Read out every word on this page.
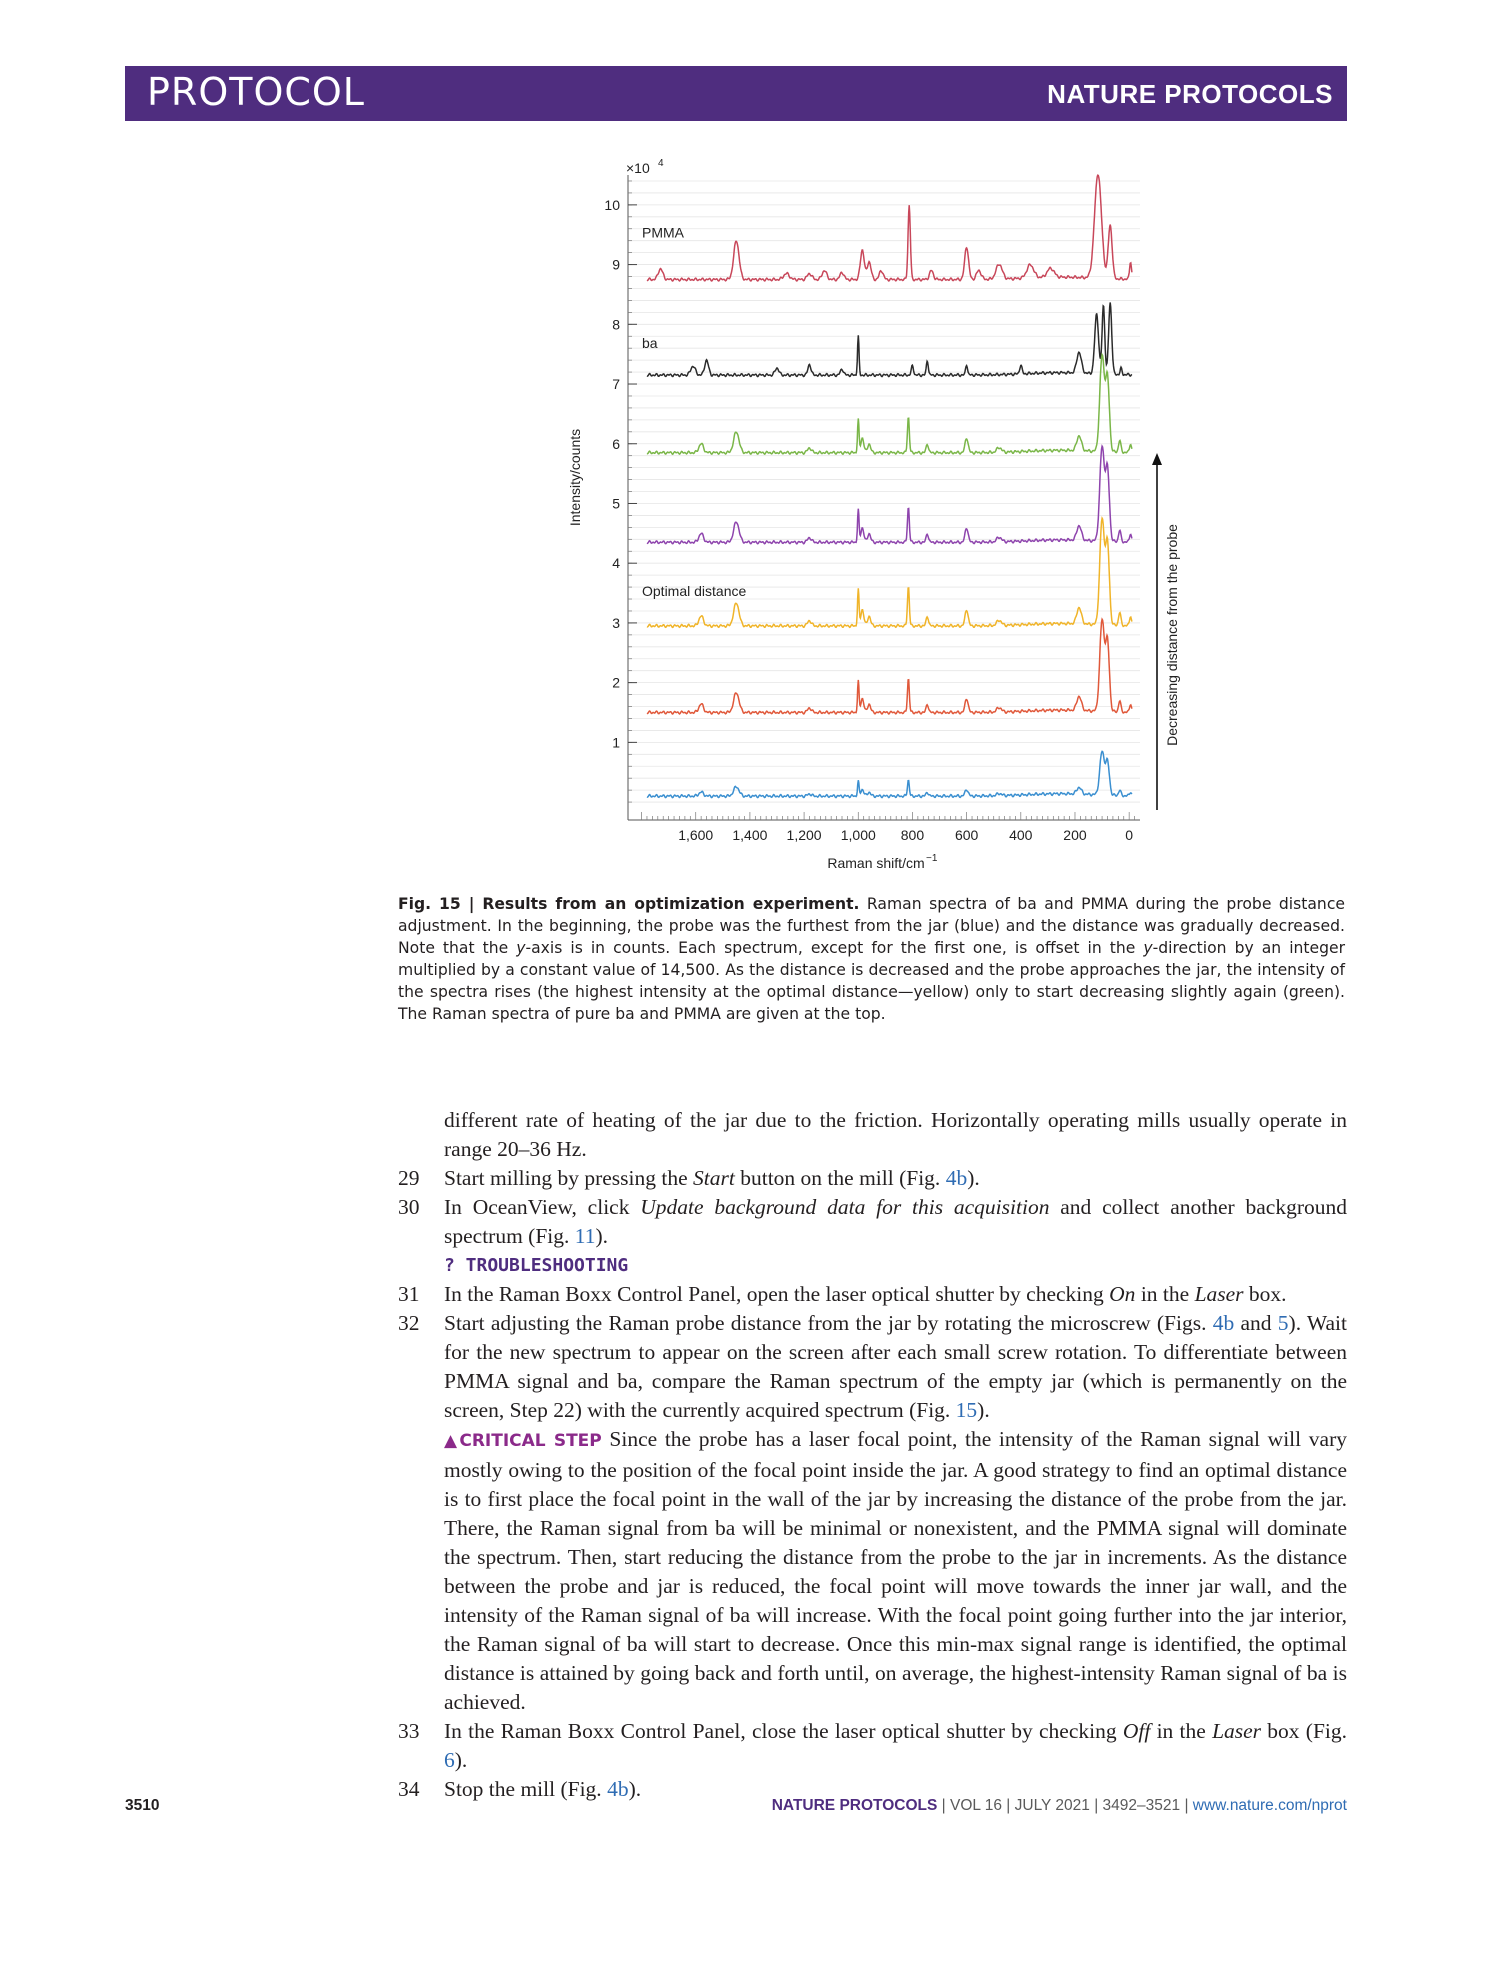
PROTOCOL	NATURE PROTOCOLS
1
2
3
4
5
6
7
8
9
10
1,600 1,400 1,200 1,000 800 600 400 200	0
×10 4
Raman shift/cm −1
Intensity/counts
Decreasing distance from the probe
PMMA
ba
Optimal distance
Fig. 15 | Results from an optimization experiment. Raman spectra of ba and PMMA during the probe distance adjustment. In the beginning, the probe was the furthest from the jar (blue) and the distance was gradually decreased. Note that the y-axis is in counts. Each spectrum, except for the first one, is offset in the y-direction by an integer multiplied by a constant value of 14,500. As the distance is decreased and the probe approaches the jar, the intensity of the spectra rises (the highest intensity at the optimal distance—yellow) only to start decreasing slightly again (green). The Raman spectra of pure ba and PMMA are given at the top.
different rate of heating of the jar due to the friction. Horizontally operating mills usually operate in range 20–36 Hz.
29 Start milling by pressing the Start button on the mill (Fig. 4b).
30 In OceanView, click Update background data for this acquisition and collect another background spectrum (Fig. 11).
? TROUBLESHOOTING
31 In the Raman Boxx Control Panel, open the laser optical shutter by checking On in the Laser box.
32 Start adjusting the Raman probe distance from the jar by rotating the microscrew (Figs. 4b and 5). Wait for the new spectrum to appear on the screen after each small screw rotation. To differentiate between PMMA signal and ba, compare the Raman spectrum of the empty jar (which is permanently on the screen, Step 22) with the currently acquired spectrum (Fig. 15).
▲CRITICAL STEP Since the probe has a laser focal point, the intensity of the Raman signal will vary mostly owing to the position of the focal point inside the jar. A good strategy to find an optimal distance is to first place the focal point in the wall of the jar by increasing the distance of the probe from the jar. There, the Raman signal from ba will be minimal or nonexistent, and the PMMA signal will dominate the spectrum. Then, start reducing the distance from the probe to the jar in increments. As the distance between the probe and jar is reduced, the focal point will move towards the inner jar wall, and the intensity of the Raman signal of ba will increase. With the focal point going further into the jar interior, the Raman signal of ba will start to decrease. Once this min-max signal range is identified, the optimal distance is attained by going back and forth until, on average, the highest-intensity Raman signal of ba is achieved.
33 In the Raman Boxx Control Panel, close the laser optical shutter by checking Off in the Laser box (Fig. 6).
34 Stop the mill (Fig. 4b).
3510	NATURE PROTOCOLS | VOL 16 | JULY 2021 | 3492–3521 | www.nature.com/nprot
